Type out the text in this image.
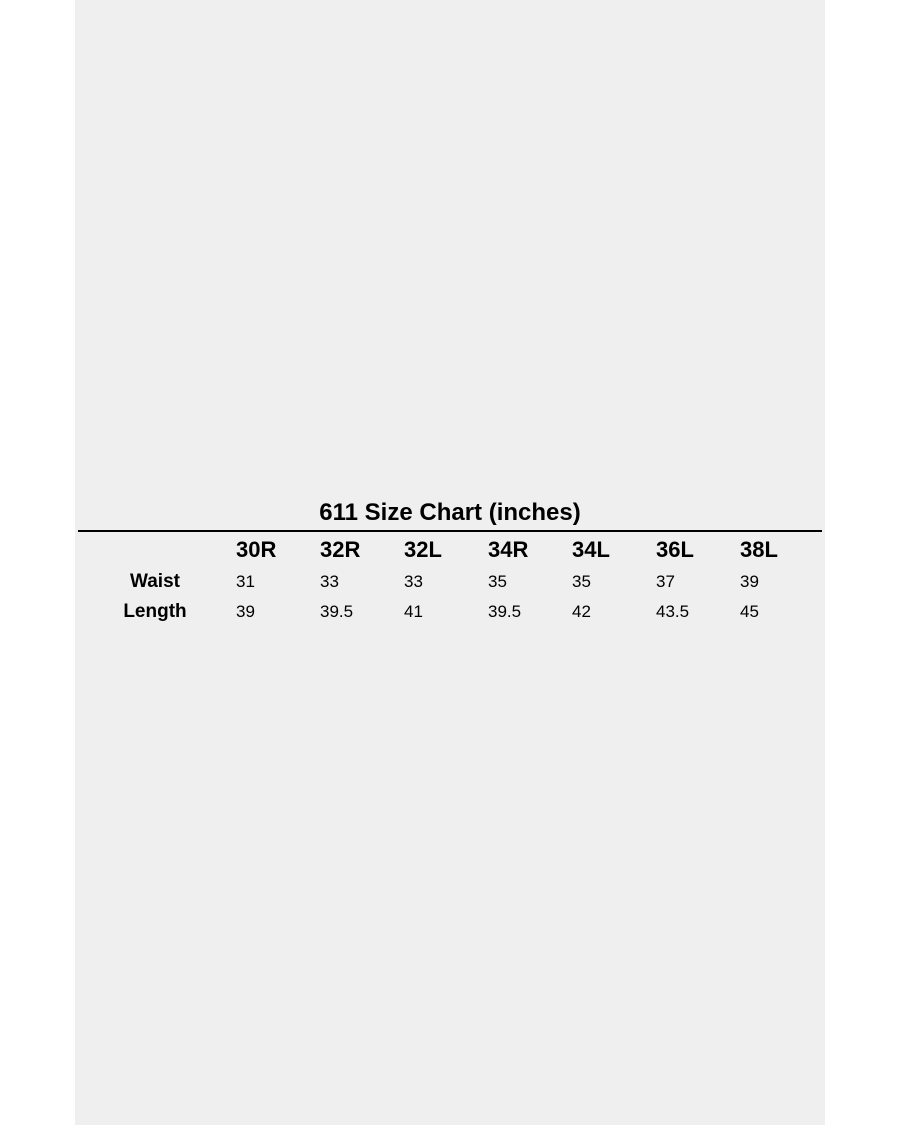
611 Size Chart (inches)
30R 32R 32L 34R 34L 36L 38L
Waist	31	33	33	35	35	37	39
Length	39	39.5	41	39.5	42	43.5	45
